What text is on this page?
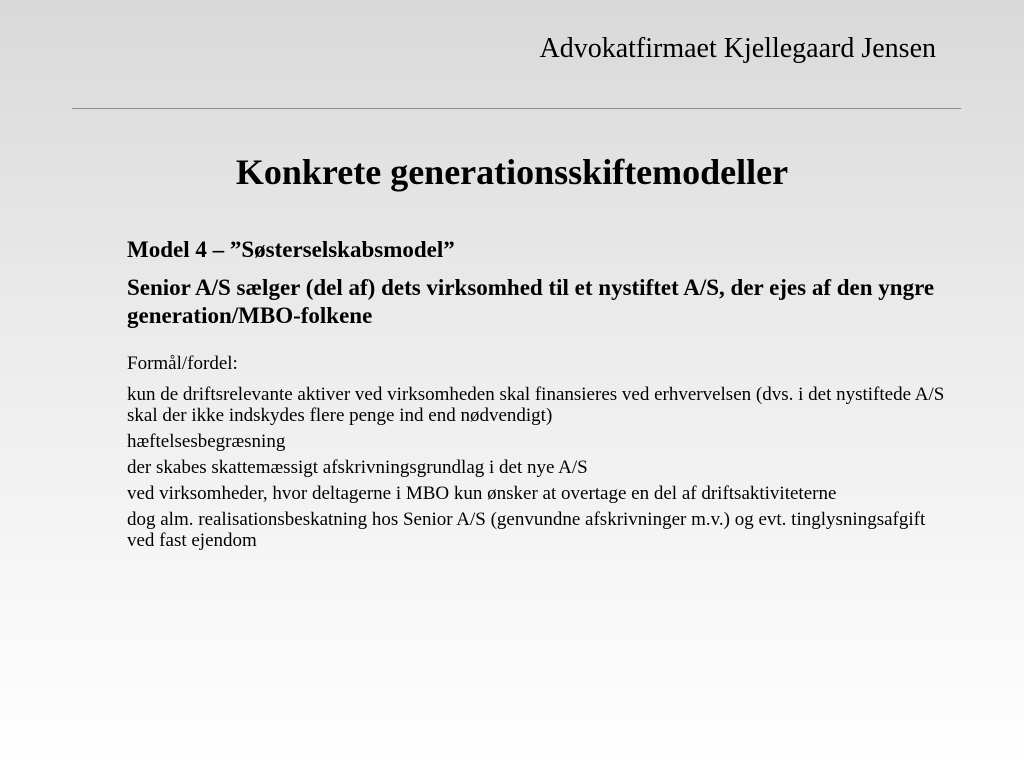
Advokatfirmaet Kjellegaard Jensen
Konkrete generationsskiftemodeller
Model 4 – ”Søsterselskabsmodel”
Senior A/S sælger (del af) dets virksomhed til et nystiftet A/S, der ejes af den yngre generation/MBO-folkene
Formål/fordel:
kun de driftsrelevante aktiver ved virksomheden skal finansieres ved erhvervelsen (dvs. i det nystiftede A/S skal der ikke indskydes flere penge ind end nødvendigt)
hæftelsesbegræsning
der skabes skattemæssigt afskrivningsgrundlag i det nye A/S
ved virksomheder, hvor deltagerne i MBO kun ønsker at overtage en del af driftsaktiviteterne
dog alm. realisationsbeskatning hos Senior A/S (genvundne afskrivninger m.v.) og evt. tinglysningsafgift ved fast ejendom
